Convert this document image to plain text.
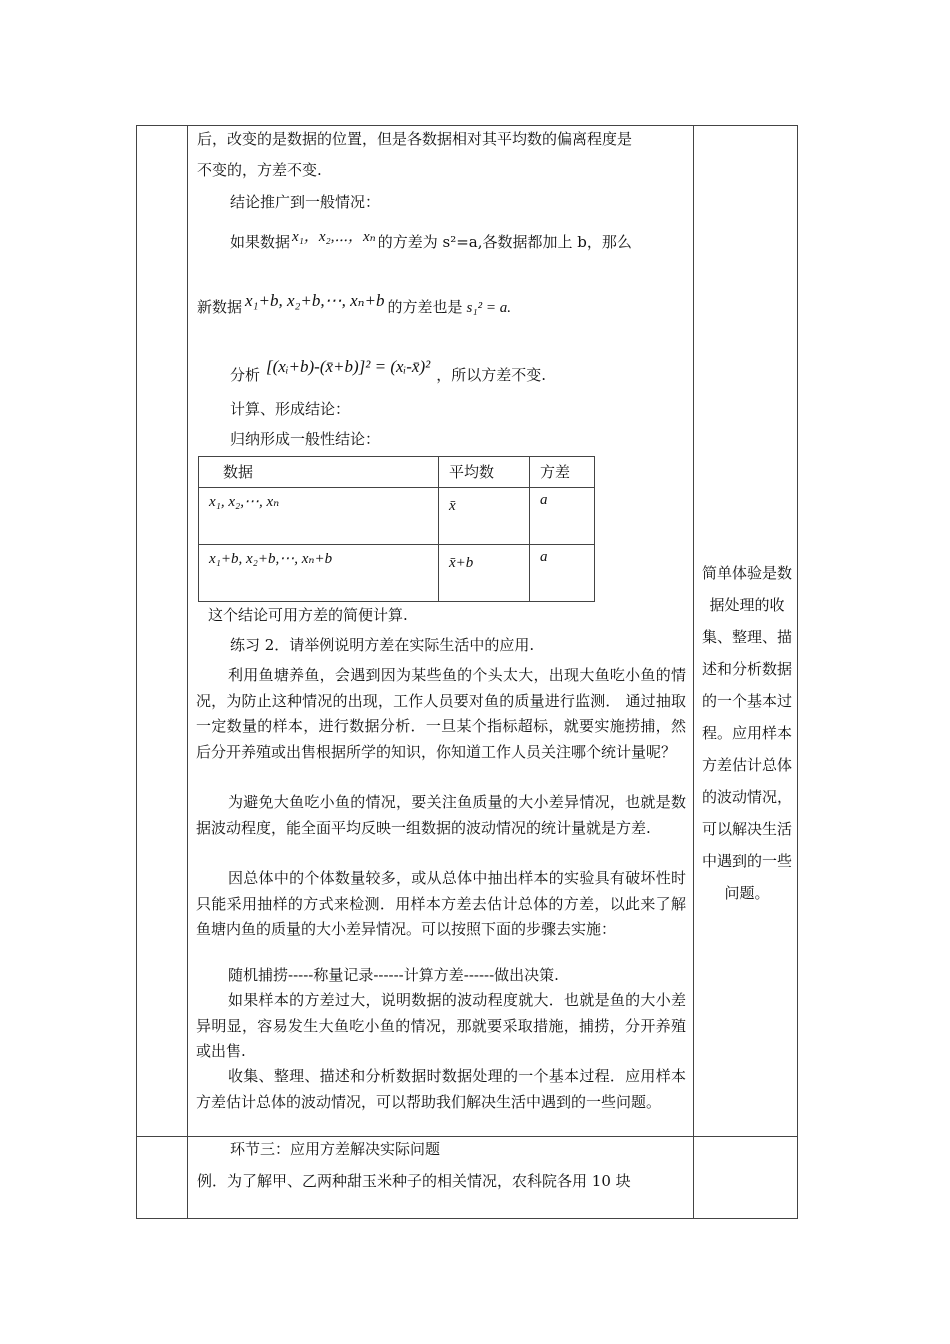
后，改变的是数据的位置，但是各数据相对其平均数的偏离程度是
不变的，方差不变.
结论推广到一般情况：
如果数据 x₁，x₂,⋯，xₙ 的方差为 s²=a,各数据都加上 b，那么
新数据 x₁+b, x₂+b,⋯, xₙ+b 的方差也是 s₁² = a.
分析 [(xᵢ+b)-(x̄+b)]² = (xᵢ-x̄)² ，所以方差不变.
计算、形成结论：
归纳形成一般性结论：
数据	平均数	方差
x₁, x₂,⋯, xₙ	x̄	a
x₁+b, x₂+b,⋯, xₙ+b	x̄+b	a
这个结论可用方差的简便计算.
练习 2．请举例说明方差在实际生活中的应用.
利用鱼塘养鱼，会遇到因为某些鱼的个头太大，出现大鱼吃小鱼的情况，为防止这种情况的出现，工作人员要对鱼的质量进行监测． 通过抽取一定数量的样本，进行数据分析．一旦某个指标超标，就要实施捞捕，然后分开养殖或出售根据所学的知识，你知道工作人员关注哪个统计量呢？
为避免大鱼吃小鱼的情况，要关注鱼质量的大小差异情况，也就是数据波动程度，能全面平均反映一组数据的波动情况的统计量就是方差.
因总体中的个体数量较多，或从总体中抽出样本的实验具有破坏性时只能采用抽样的方式来检测．用样本方差去估计总体的方差，以此来了解鱼塘内鱼的质量的大小差异情况。可以按照下面的步骤去实施：
随机捕捞-----称量记录------计算方差------做出决策.
如果样本的方差过大，说明数据的波动程度就大．也就是鱼的大小差异明显，容易发生大鱼吃小鱼的情况，那就要采取措施，捕捞，分开养殖或出售.
收集、整理、描述和分析数据时数据处理的一个基本过程．应用样本方差估计总体的波动情况，可以帮助我们解决生活中遇到的一些问题。
环节三：应用方差解决实际问题
例．为了解甲、乙两种甜玉米种子的相关情况，农科院各用 10 块
简单体验是数据处理的收集、整理、描述和分析数据的一个基本过程。应用样本方差估计总体的波动情况，可以解决生活中遇到的一些问题。
